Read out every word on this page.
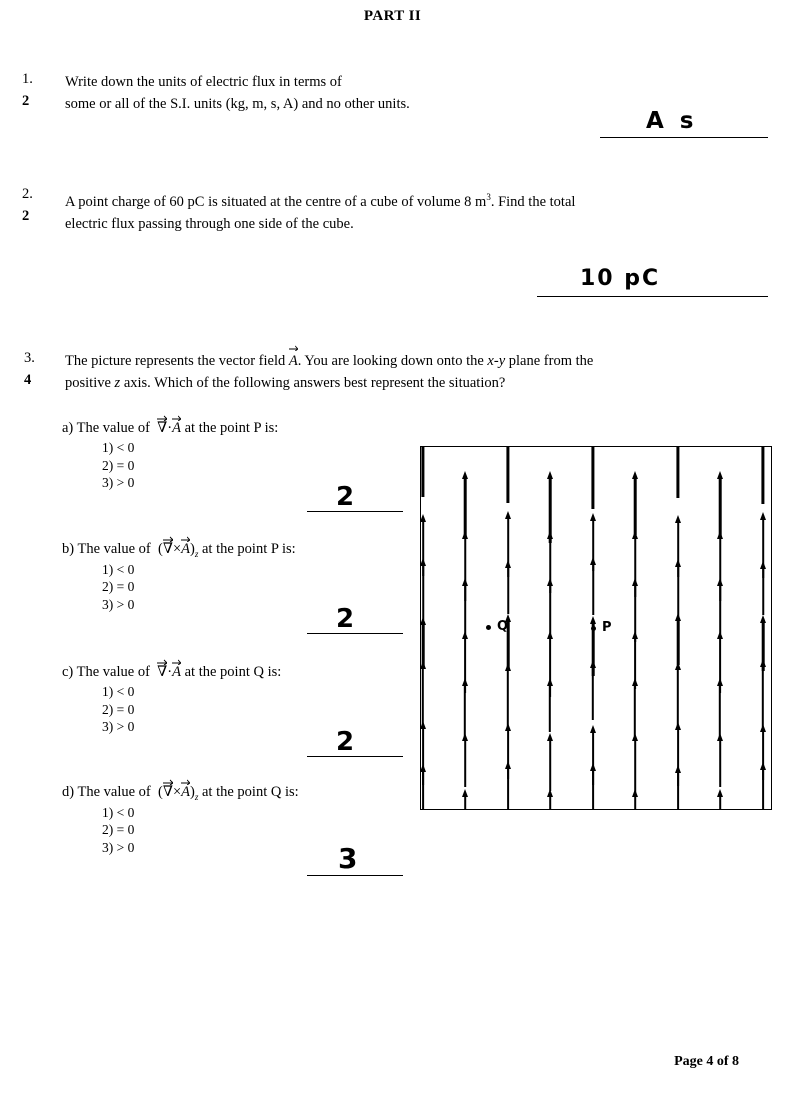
PART II
1.
2
Write down the units of electric flux in terms of
some or all of the S.I. units (kg, m, s, A) and no other units.
A s
2.
2
A point charge of 60 pC is situated at the centre of a cube of volume 8 $m^3$. Find the total
electric flux passing through one side of the cube.
10 pC
3.
4
The picture represents the vector field
A. You are looking down onto the x-y plane from the
positive z axis. Which of the following answers best represent the situation?
a) The value of ∇·
A at the point P is:
1) < 0
2) = 0
3) > 0	2
b) The value of  (
∇×
$A)_z$ at the point P is:
1) < 0
2) = 0
3) > 0	2
c) The value of ∇·
A at the point Q is:
1) < 0
2) = 0
3) > 0
2
d) The value of  (
∇×
$A)_z$ at the point Q is:
1) < 0
2) = 0
3) > 0	3
Q	P
Page 4 of 8
